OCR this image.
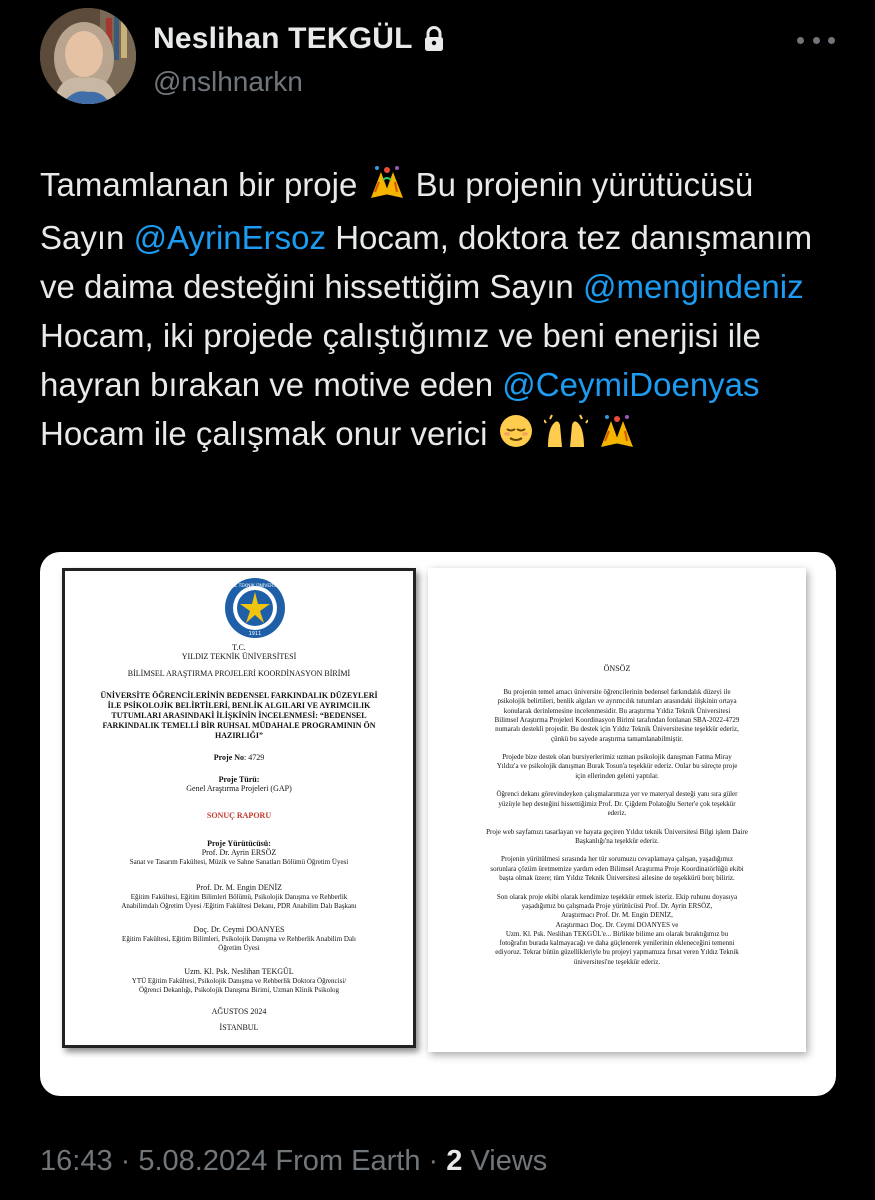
Neslihan TEKGÜL
@nslhnarkn
Tamamlanan bir proje Bu projenin yürütücüsü Sayın @AyrinErsoz Hocam, doktora tez danışmanım ve daima desteğini hissettiğim Sayın @mengindeniz Hocam, iki projede çalıştığımız ve beni enerjisi ile hayran bırakan ve motive eden @CeymiDoenyas Hocam ile çalışmak onur verici
YILDIZ TEKNİK ÜNİVERSİTESİ
1911
T.C.
YILDIZ TEKNİK ÜNİVERSİTESİ
BİLİMSEL ARAŞTIRMA PROJELERİ KOORDİNASYON BİRİMİ
ÜNİVERSİTE ÖĞRENCİLERİNİN BEDENSEL FARKINDALIK DÜZEYLERİ
İLE PSİKOLOJİK BELİRTİLERİ, BENLİK ALGILARI VE AYRIMCILIK
TUTUMLARI ARASINDAKİ İLİŞKİNİN İNCELENMESİ: “BEDENSEL
FARKINDALIK TEMELLİ BİR RUHSAL MÜDAHALE PROGRAMININ ÖN
HAZIRLIĞI”
Proje No: 4729
Proje Türü:
Genel Araştırma Projeleri (GAP)
SONUÇ RAPORU
Proje Yürütücüsü:
Prof. Dr. Ayrin ERSÖZ
Sanat ve Tasarım Fakültesi, Müzik ve Sahne Sanatları Bölümü Öğretim Üyesi
Prof. Dr. M. Engin DENİZ
Eğitim Fakültesi, Eğitim Bilimleri Bölümü, Psikolojik Danışma ve Rehberlik
Anabilimdalı Öğretim Üyesi /Eğitim Fakültesi Dekanı, PDR Anabilim Dalı Başkanı
Doç. Dr. Ceymi DOANYES
Eğitim Fakültesi, Eğitim Bilimleri, Psikolojik Danışma ve Rehberlik Anabilim Dalı
Öğretim Üyesi
Uzm. Kl. Psk. Neslihan TEKGÜL
YTÜ Eğitim Fakültesi, Psikolojik Danışma ve Rehberlik Doktora Öğrencisi/
Öğrenci Dekanlığı, Psikolojik Danışma Birimi, Uzman Klinik Psikolog
AĞUSTOS 2024
İSTANBUL
ÖNSÖZ
Bu projenin temel amacı üniversite öğrencilerinin bedensel farkındalık düzeyi ile
psikolojik belirtileri, benlik algıları ve ayrımcılık tutumları arasındaki ilişkinin ortaya
konularak derinlemesine incelenmesidir. Bu araştırma Yıldız Teknik Üniversitesi
Bilimsel Araştırma Projeleri Koordinasyon Birimi tarafından fonlanan SBA-2022-4729
numaralı destekli projedir. Bu destek için Yıldız Teknik Üniversitesine teşekkür ederiz,
çünkü bu sayede araştırma tamamlanabilmiştir.
Projede bize destek olan bursiyerlerimiz uzman psikolojik danışman Fatma Miray
Yıldız'a ve psikolojik danışman Burak Tosun'a teşekkür ederiz. Onlar bu süreçte proje
için ellerinden geleni yaptılar.
Öğrenci dekanı görevindeyken çalışmalarımıza yer ve materyal desteği yanı sıra güler
yüzüyle hep desteğini hissettiğimiz Prof. Dr. Çiğdem Polatoğlu Serter'e çok teşekkür
ederiz.
Proje web sayfamızı tasarlayan ve hayata geçiren Yıldız teknik Üniversitesi Bilgi işlem Daire
Başkanlığı'na teşekkür ederiz.
Projenin yürütülmesi sırasında her tür sorumuzu cevaplamaya çalışan, yaşadığımız
sorunlara çözüm üretmemize yardım eden Bilimsel Araştırma Proje Koordinatörlüğü ekibi
başta olmak üzere; tüm Yıldız Teknik Üniversitesi ailesine de teşekkürü borç biliriz.
Son olarak proje ekibi olarak kendimize teşekkür etmek isteriz. Ekip ruhunu doyasıya
yaşadığımız bu çalışmada Proje yürütücüsü Prof. Dr. Ayrin ERSÖZ,
Araştırmacı Prof. Dr. M. Engin DENİZ,
Araştırmacı Doç. Dr. Ceymi DOANYES ve
Uzm. Kl. Psk. Neslihan TEKGÜL'e... Birlikte bilime anı olarak bıraktığımız bu
fotoğrafın burada kalmayacağı ve daha güçlenerek yenilerinin ekleneceğini temenni
ediyoruz. Tekrar bütün güzellikleriyle bu projeyi yapmamıza fırsat veren Yıldız Teknik
üniversitesi'ne teşekkür ederiz.
16:43 · 5.08.2024 From Earth · 2 Views
